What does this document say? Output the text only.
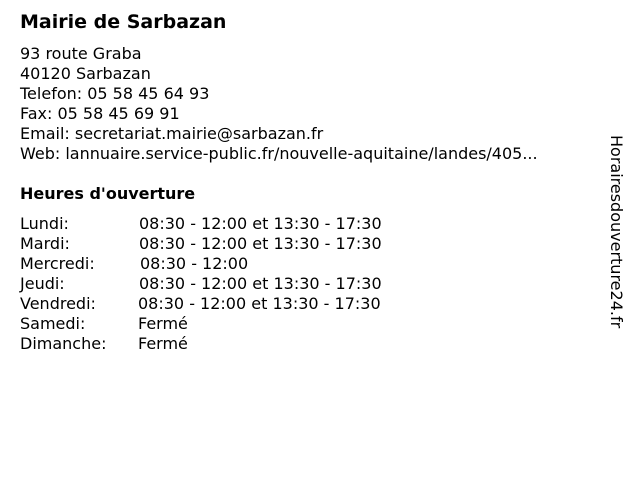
Mairie de Sarbazan
93 route Graba
40120 Sarbazan
Telefon: 05 58 45 64 93
Fax: 05 58 45 69 91
Email: secretariat.mairie@sarbazan.fr
Web: lannuaire.service-public.fr/nouvelle-aquitaine/landes/405...
Heures d'ouverture
Lundi:	08:30 - 12:00 et 13:30 - 17:30
Mardi:	08:30 - 12:00 et 13:30 - 17:30
Mercredi:	08:30 - 12:00
Jeudi:	08:30 - 12:00 et 13:30 - 17:30
Vendredi:	08:30 - 12:00 et 13:30 - 17:30
Samedi:	Fermé
Dimanche: Fermé
Horairesdouverture24.fr
